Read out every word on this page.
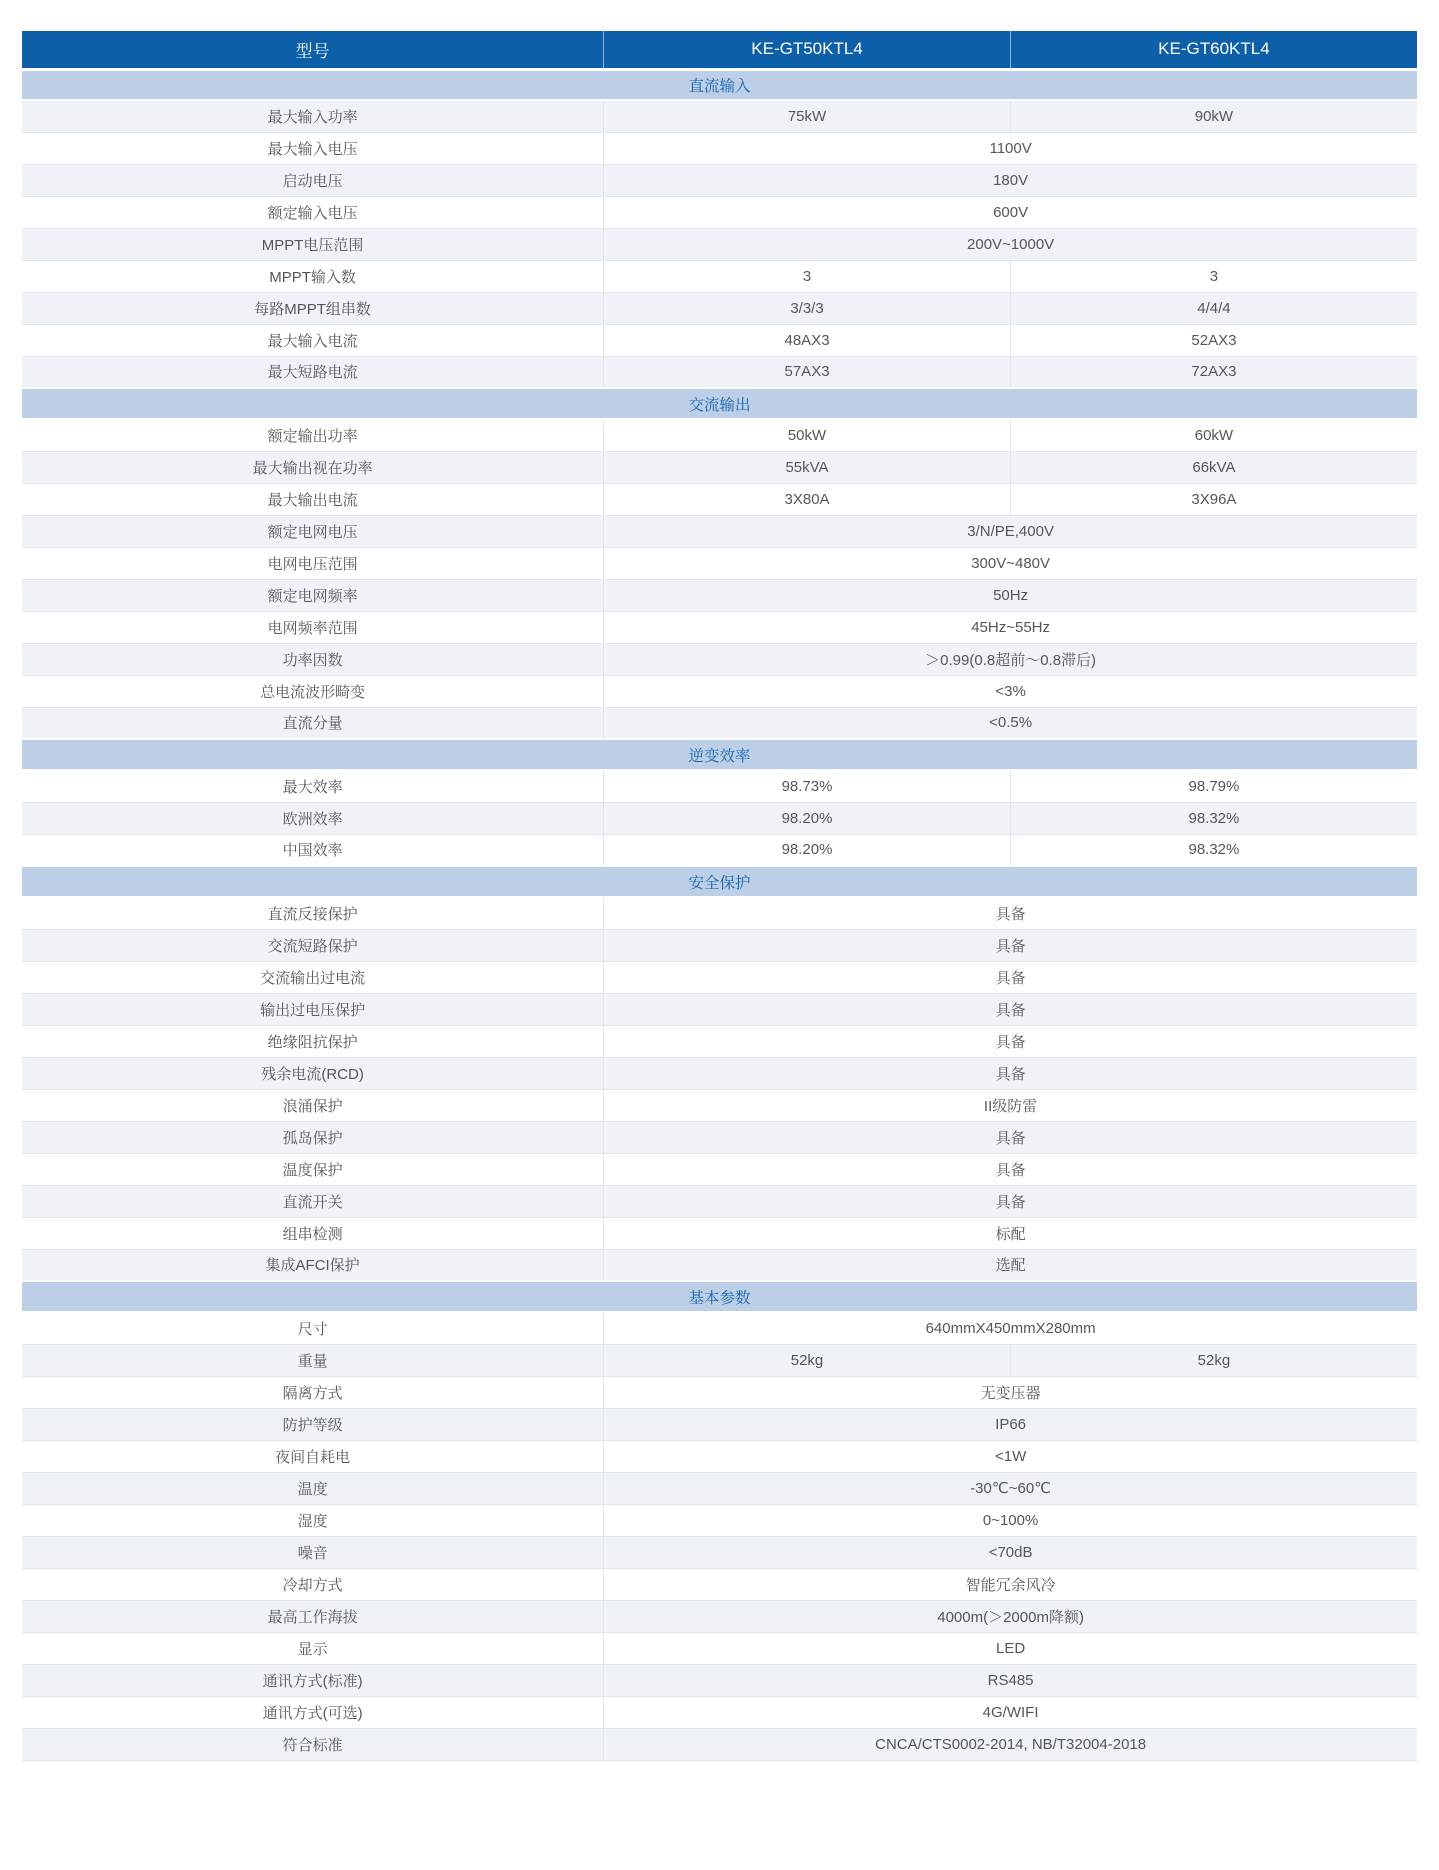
型号	KE-GT50KTL4	KE-GT60KTL4
直流输入		
最大输入功率	75kW	90kW
最大输入电压	1100V	
启动电压	180V	
额定输入电压	600V	
MPPT电压范围	200V~1000V	
MPPT输入数	3	3
每路MPPT组串数	3/3/3	4/4/4
最大输入电流	48AX3	52AX3
最大短路电流	57AX3	72AX3
交流输出		
额定输出功率	50kW	60kW
最大输出视在功率	55kVA	66kVA
最大输出电流	3X80A	3X96A
额定电网电压	3/N/PE,400V	
电网电压范围	300V~480V	
额定电网频率	50Hz	
电网频率范围	45Hz~55Hz	
功率因数	＞0.99(0.8超前～0.8滞后)	
总电流波形畸变	<3%	
直流分量	<0.5%	
逆变效率		
最大效率	98.73%	98.79%
欧洲效率	98.20%	98.32%
中国效率	98.20%	98.32%
安全保护		
直流反接保护	具备	
交流短路保护	具备	
交流输出过电流	具备	
输出过电压保护	具备	
绝缘阻抗保护	具备	
残余电流(RCD)	具备	
浪涌保护	II级防雷	
孤岛保护	具备	
温度保护	具备	
直流开关	具备	
组串检测	标配	
集成AFCI保护	选配	
基本参数		
尺寸	640mmX450mmX280mm	
重量	52kg	52kg
隔离方式	无变压器	
防护等级	IP66	
夜间自耗电	<1W	
温度	-30℃~60℃	
湿度	0~100%	
噪音	<70dB	
冷却方式	智能冗余风冷	
最高工作海拔	4000m(＞2000m降额)	
显示	LED	
通讯方式(标准)	RS485	
通讯方式(可选)	4G/WIFI	
符合标准	CNCA/CTS0002-2014, NB/T32004-2018	
